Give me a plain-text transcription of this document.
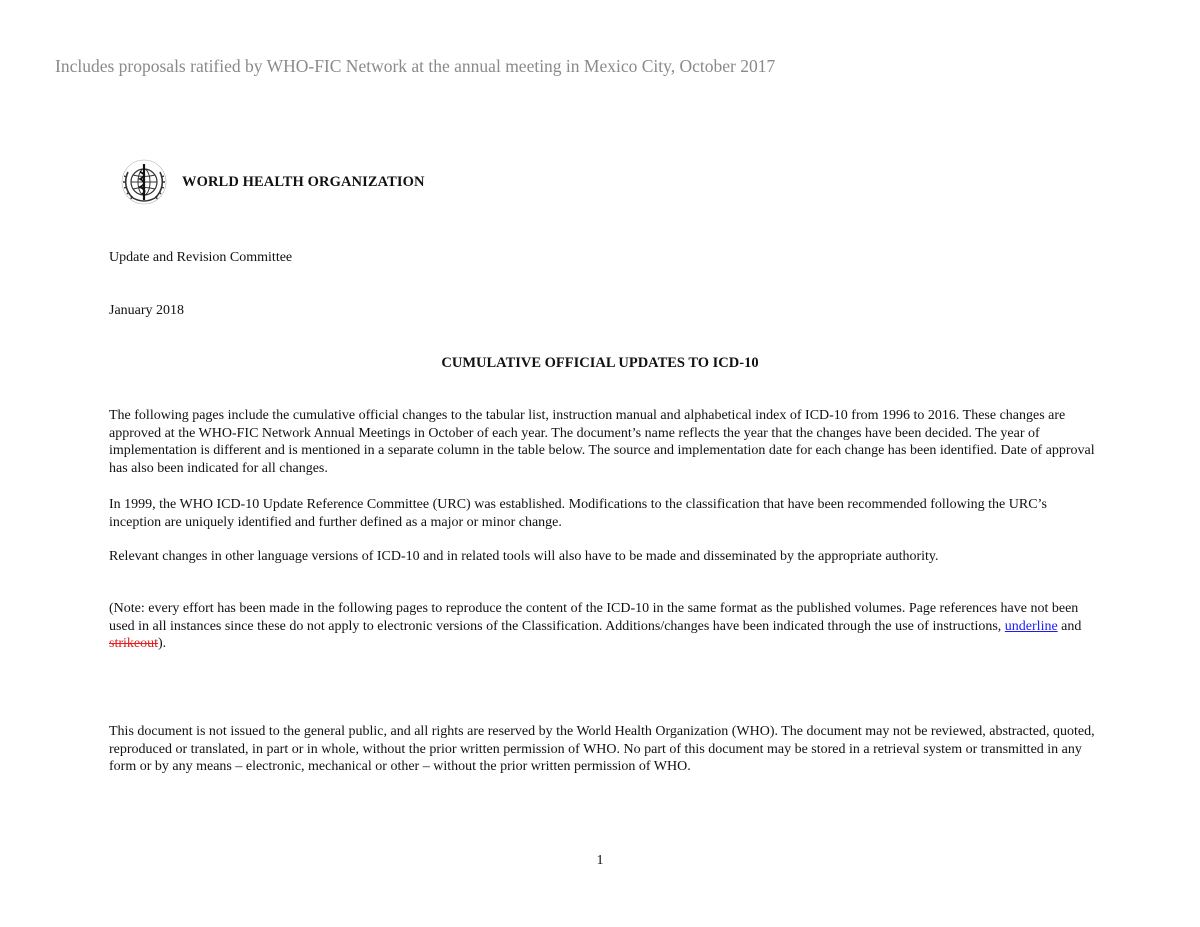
Includes proposals ratified by WHO-FIC Network at the annual meeting in Mexico City, October 2017
WORLD HEALTH ORGANIZATION
Update and Revision Committee
January 2018
CUMULATIVE OFFICIAL UPDATES TO ICD-10

The following pages include the cumulative official changes to the tabular list, instruction manual and alphabetical index of ICD-10 from 1996 to 2016. These changes are approved at the WHO-FIC Network Annual Meetings in October of each year. The document’s name reflects the year that the changes have been decided. The year of implementation is different and is mentioned in a separate column in the table below. The source and implementation date for each change has been identified. Date of approval has also been indicated for all changes.

In 1999, the WHO ICD-10 Update Reference Committee (URC) was established. Modifications to the classification that have been recommended following the URC’s inception are uniquely identified and further defined as a major or minor change.

Relevant changes in other language versions of ICD-10 and in related tools will also have to be made and disseminated by the appropriate authority.

(Note: every effort has been made in the following pages to reproduce the content of the ICD-10 in the same format as the published volumes. Page references have not been used in all instances since these do not apply to electronic versions of the Classification. Additions/changes have been indicated through the use of instructions, underline and strikeout).

This document is not issued to the general public, and all rights are reserved by the World Health Organization (WHO). The document may not be reviewed, abstracted, quoted, reproduced or translated, in part or in whole, without the prior written permission of WHO. No part of this document may be stored in a retrieval system or transmitted in any form or by any means – electronic, mechanical or other – without the prior written permission of WHO.

1
